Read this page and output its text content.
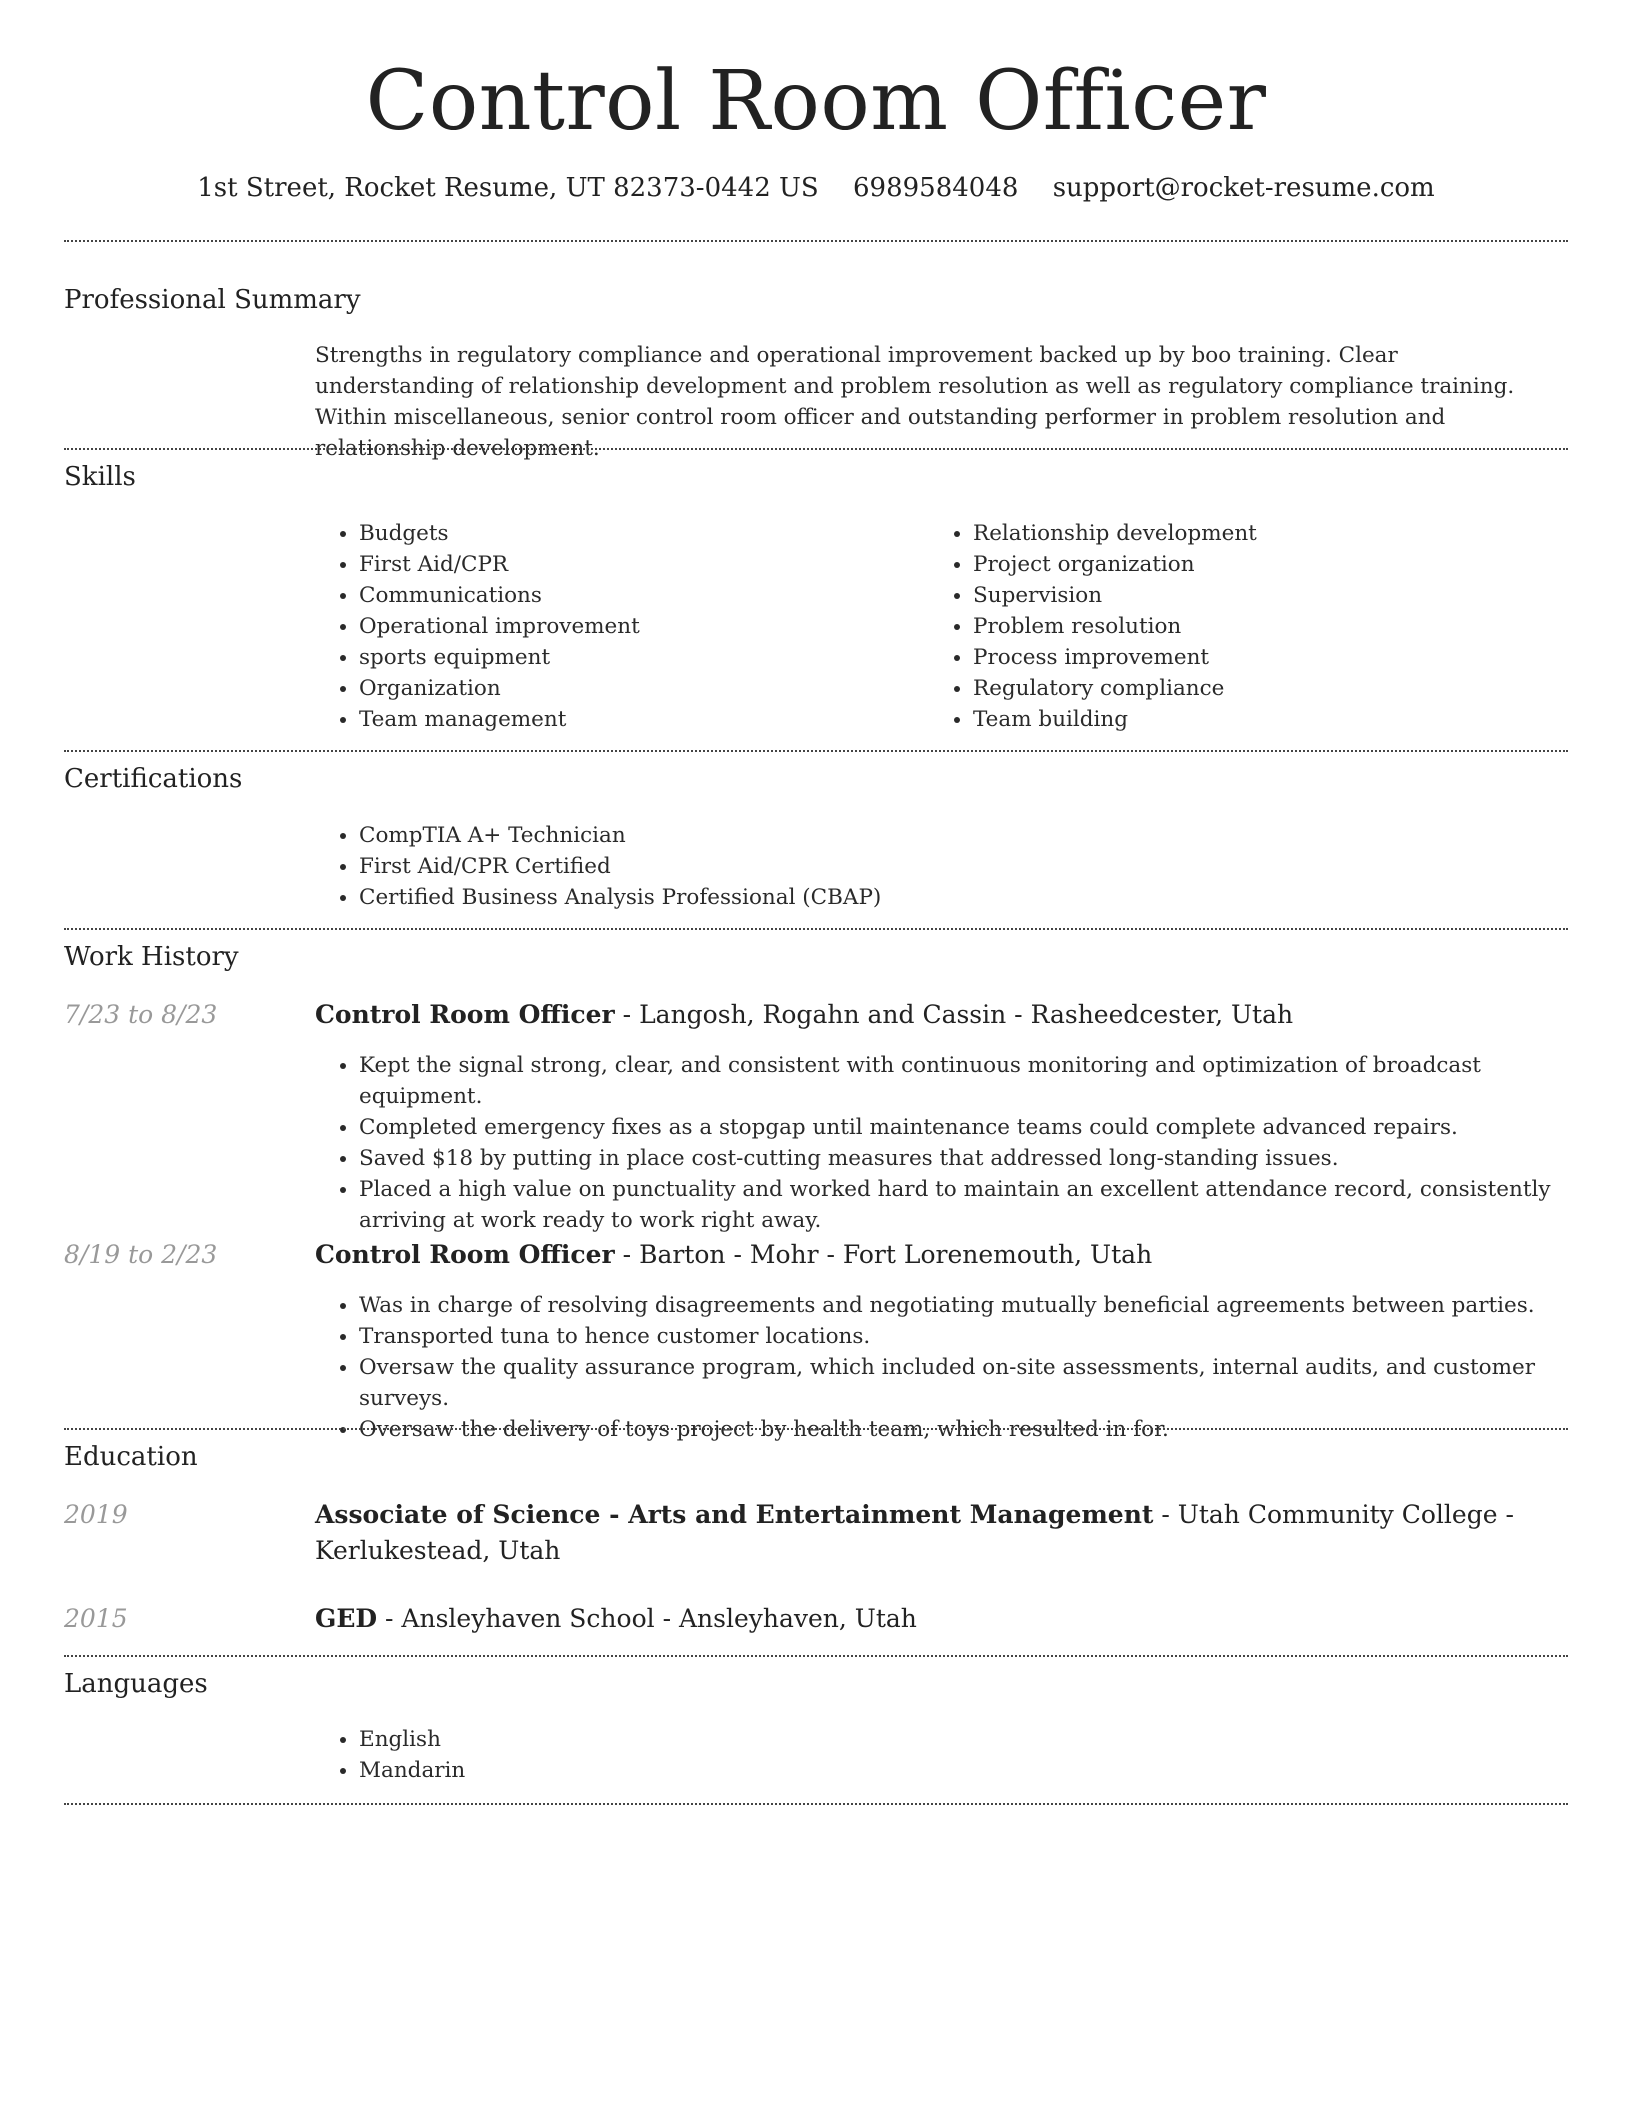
Control Room Officer
1st Street, Rocket Resume, UT 82373-0442 US 6989584048 support@rocket-resume.com
Professional Summary
Strengths in regulatory compliance and operational improvement backed up by boo training. Clear understanding of relationship development and problem resolution as well as regulatory compliance training. Within miscellaneous, senior control room officer and outstanding performer in problem resolution and relationship development.
Skills
• Budgets
• First Aid/CPR
• Communications
• Operational improvement
• sports equipment
• Organization
• Team management
• Relationship development
• Project organization
• Supervision
• Problem resolution
• Process improvement
• Regulatory compliance
• Team building
Certifications
• CompTIA A+ Technician
• First Aid/CPR Certified
• Certified Business Analysis Professional (CBAP)
Work History
7/23 to 8/23	Control Room Officer - Langosh, Rogahn and Cassin - Rasheedcester, Utah
• Kept the signal strong, clear, and consistent with continuous monitoring and optimization of broadcast equipment.
• Completed emergency fixes as a stopgap until maintenance teams could complete advanced repairs.
• Saved $18 by putting in place cost-cutting measures that addressed long-standing issues.
• Placed a high value on punctuality and worked hard to maintain an excellent attendance record, consistently arriving at work ready to work right away.
8/19 to 2/23	Control Room Officer - Barton - Mohr - Fort Lorenemouth, Utah
• Was in charge of resolving disagreements and negotiating mutually beneficial agreements between parties.
• Transported tuna to hence customer locations.
• Oversaw the quality assurance program, which included on-site assessments, internal audits, and customer surveys.
• Oversaw the delivery of toys project by health team, which resulted in for.
Education
2019	Associate of Science - Arts and Entertainment Management - Utah Community College - Kerlukestead, Utah
2015	GED - Ansleyhaven School - Ansleyhaven, Utah
Languages
• English
• Mandarin
